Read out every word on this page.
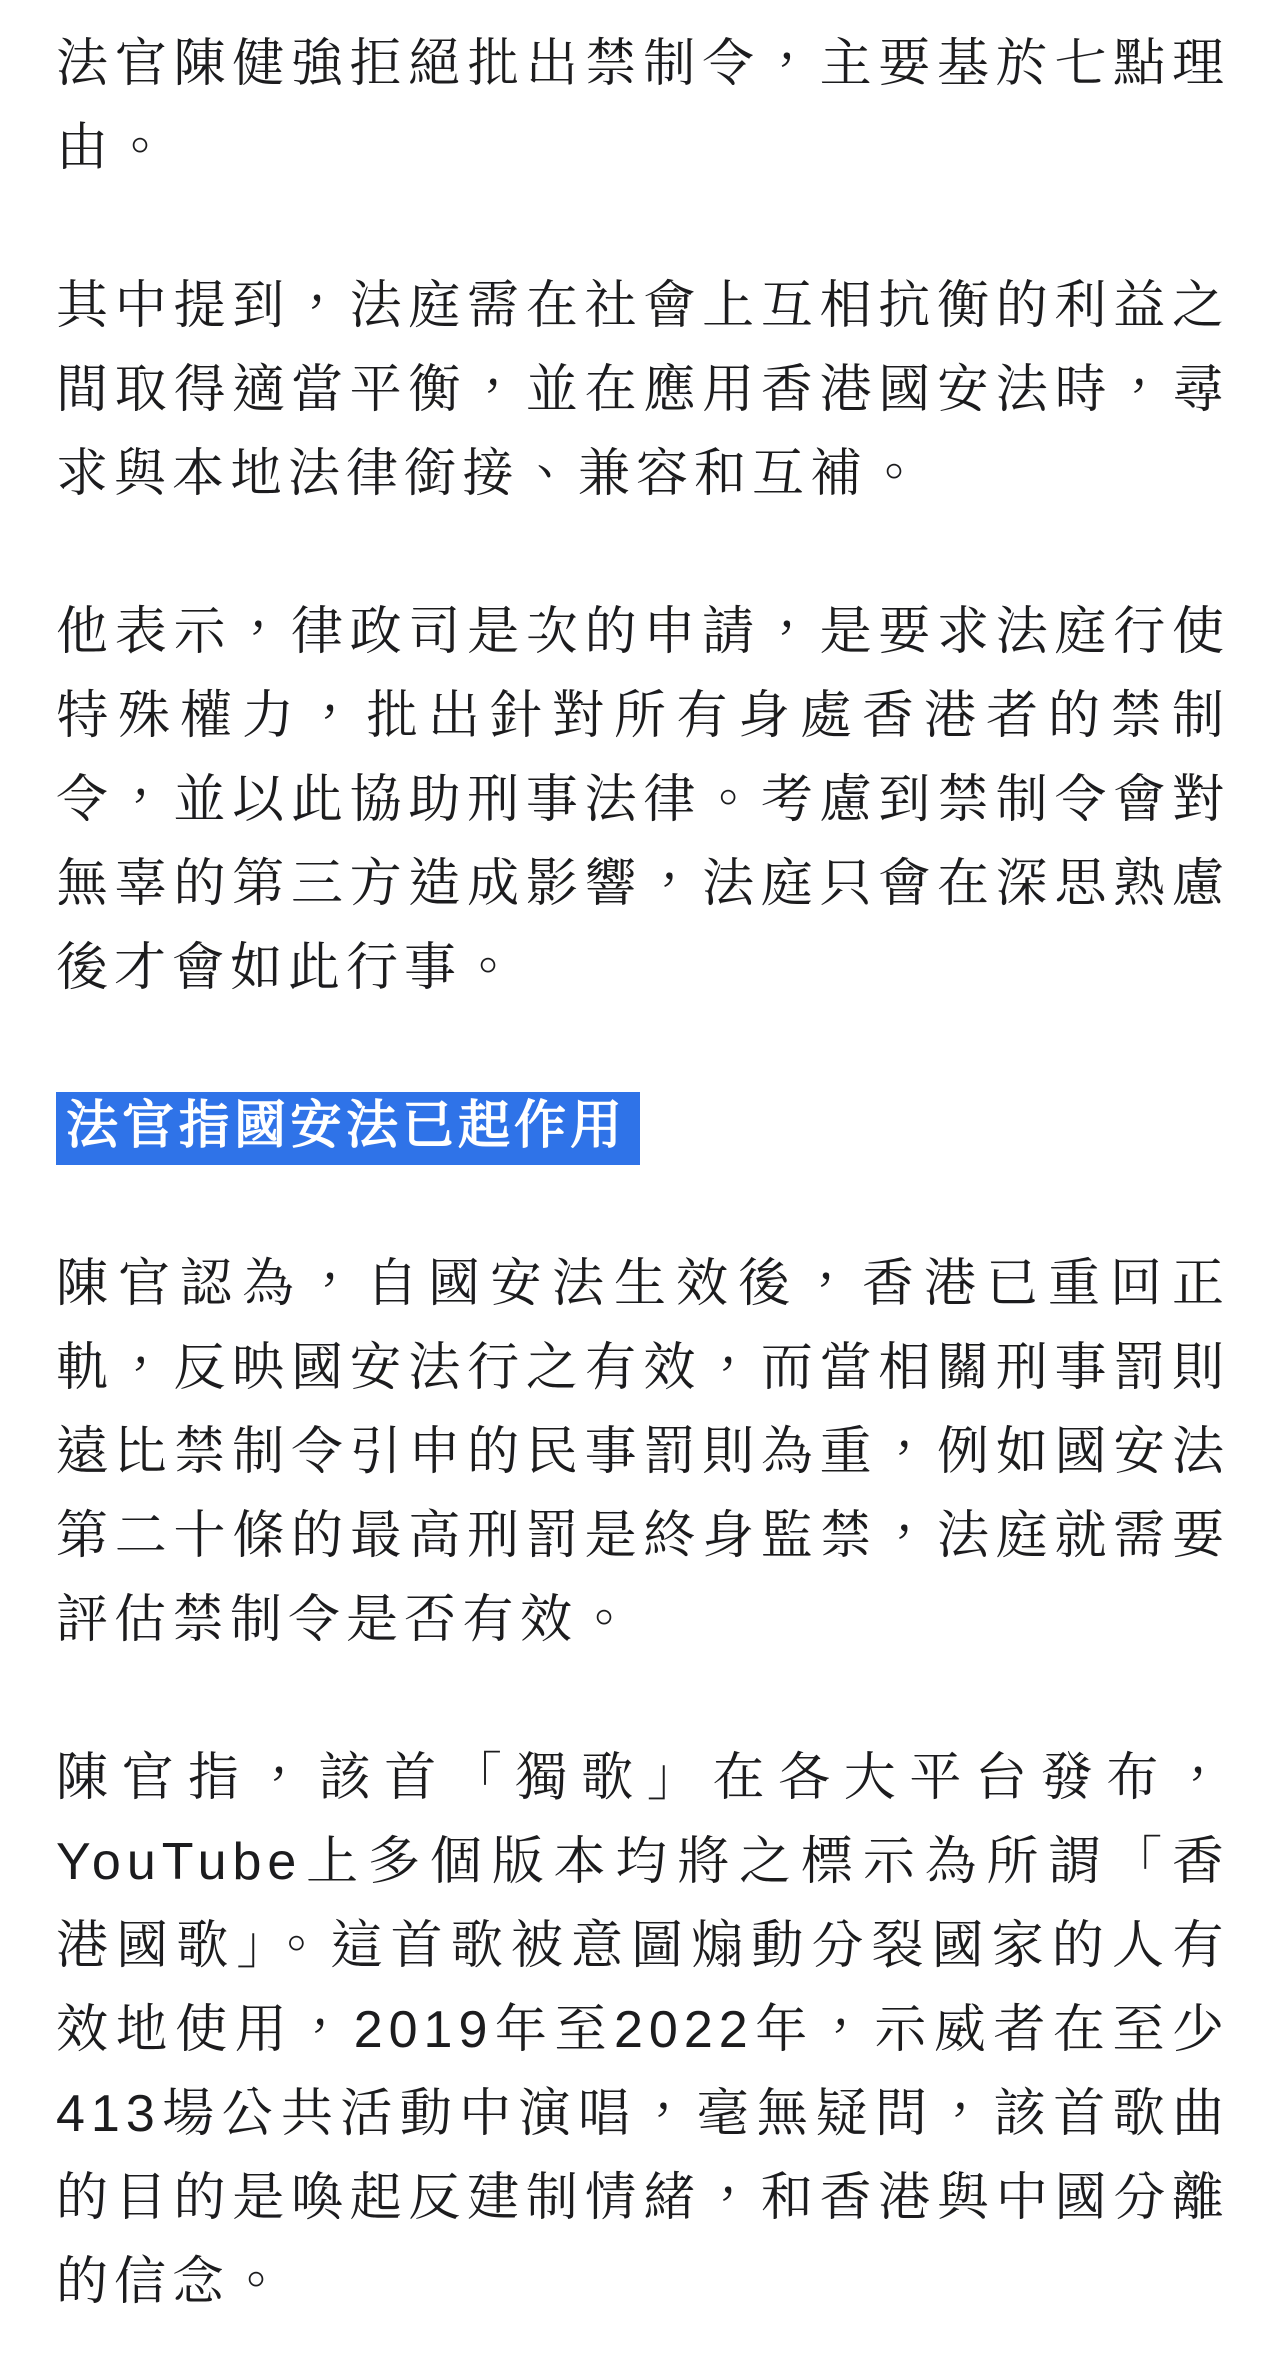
法官陳健強拒絕批出禁制令，主要基於七點理由。

其中提到，法庭需在社會上互相抗衡的利益之間取得適當平衡，並在應用香港國安法時，尋求與本地法律銜接、兼容和互補。

他表示，律政司是次的申請，是要求法庭行使特殊權力，批出針對所有身處香港者的禁制令，並以此協助刑事法律。考慮到禁制令會對無辜的第三方造成影響，法庭只會在深思熟慮後才會如此行事。

法官指國安法已起作用

陳官認為，自國安法生效後，香港已重回正軌，反映國安法行之有效，而當相關刑事罰則遠比禁制令引申的民事罰則為重，例如國安法第二十條的最高刑罰是終身監禁，法庭就需要評估禁制令是否有效。

陳官指，該首「獨歌」在各大平台發布，YouTube上多個版本均將之標示為所謂「香港國歌」。這首歌被意圖煽動分裂國家的人有效地使用，2019年至2022年，示威者在至少413場公共活動中演唱，毫無疑問，該首歌曲的目的是喚起反建制情緒，和香港與中國分離的信念。
